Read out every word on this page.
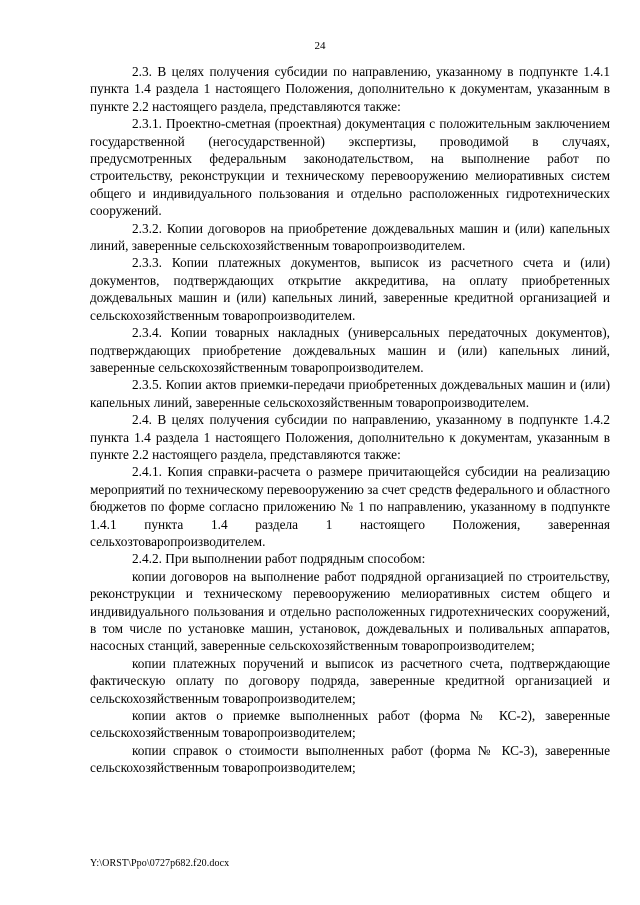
24

2.3. В целях получения субсидии по направлению, указанному в подпункте 1.4.1 пункта 1.4 раздела 1 настоящего Положения, дополнительно к документам, указанным в пункте 2.2 настоящего раздела, представляются также:

2.3.1. Проектно-сметная (проектная) документация с положительным заключением государственной (негосударственной) экспертизы, проводимой в случаях, предусмотренных федеральным законодательством, на выполнение работ по строительству, реконструкции и техническому перевооружению мелиоративных систем общего и индивидуального пользования и отдельно расположенных гидротехнических сооружений.

2.3.2. Копии договоров на приобретение дождевальных машин и (или) капельных линий, заверенные сельскохозяйственным товаропроизводителем.

2.3.3. Копии платежных документов, выписок из расчетного счета и (или) документов, подтверждающих открытие аккредитива, на оплату приобретенных дождевальных машин и (или) капельных линий, заверенные кредитной организацией и сельскохозяйственным товаропроизводителем.

2.3.4. Копии товарных накладных (универсальных передаточных документов), подтверждающих приобретение дождевальных машин и (или) капельных линий, заверенные сельскохозяйственным товаропроизводителем.

2.3.5. Копии актов приемки-передачи приобретенных дождевальных машин и (или) капельных линий, заверенные сельскохозяйственным товаропроизводителем.

2.4. В целях получения субсидии по направлению, указанному в подпункте 1.4.2 пункта 1.4 раздела 1 настоящего Положения, дополнительно к документам, указанным в пункте 2.2 настоящего раздела, представляются также:

2.4.1. Копия справки-расчета о размере причитающейся субсидии на реализацию мероприятий по техническому перевооружению за счет средств федерального и областного бюджетов по форме согласно приложению № 1 по направлению, указанному в подпункте 1.4.1 пункта 1.4 раздела 1 настоящего Положения, заверенная сельхозтоваропроизводителем.

2.4.2. При выполнении работ подрядным способом:

копии договоров на выполнение работ подрядной организацией по строительству, реконструкции и техническому перевооружению мелиоративных систем общего и индивидуального пользования и отдельно расположенных гидротехнических сооружений, в том числе по установке машин, установок, дождевальных и поливальных аппаратов, насосных станций, заверенные сельскохозяйственным товаропроизводителем;

копии платежных поручений и выписок из расчетного счета, подтверждающие фактическую оплату по договору подряда, заверенные кредитной организацией и сельскохозяйственным товаропроизводителем;

копии актов о приемке выполненных работ (форма № КС-2), заверенные сельскохозяйственным товаропроизводителем;

копии справок о стоимости выполненных работ (форма № КС-3), заверенные сельскохозяйственным товаропроизводителем;

Y:\ORST\Ppo\0727p682.f20.docx
